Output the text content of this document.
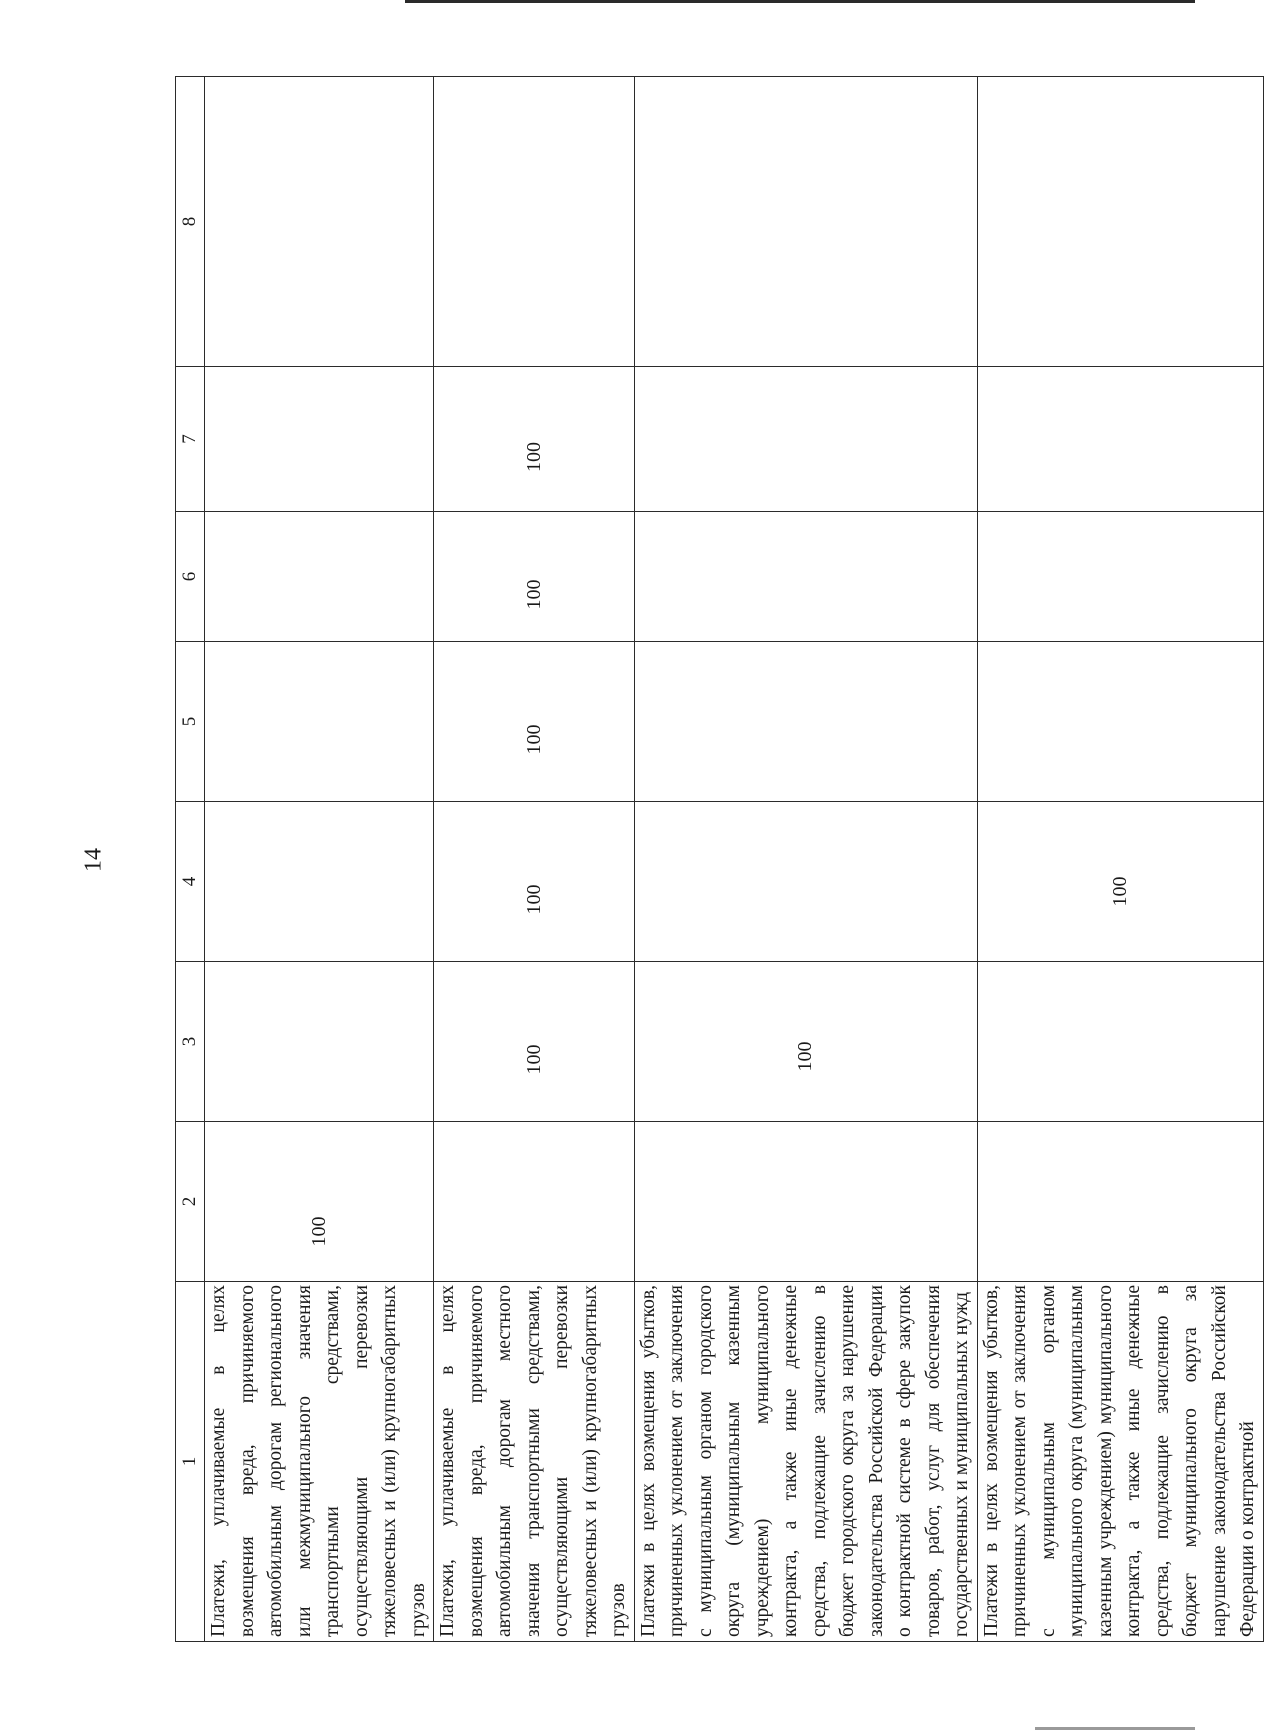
14
1	2	3	4	5	6	7	8
Платежи, уплачиваемые в целях возмещения вреда, причиняемого автомобильным дорогам регионального или межмуниципального значения транспортными средствами, осуществляющими перевозки тяжеловесных и (или) крупногабаритных грузов	100						
Платежи, уплачиваемые в целях возмещения вреда, причиняемого автомобильным дорогам местного значения транспортными средствами, осуществляющими перевозки тяжеловесных и (или) крупногабаритных грузов		100	100	100	100	100	
Платежи в целях возмещения убытков, причиненных уклонением от заключения с муниципальным органом городского округа (муниципальным казенным учреждением) муниципального контракта, а также иные денежные средства, подлежащие зачислению в бюджет городского округа за нарушение законодательства Российской Федерации о контрактной системе в сфере закупок товаров, работ, услуг для обеспечения государственных и муниципальных нужд		100					
Платежи в целях возмещения убытков, причиненных уклонением от заключения с муниципальным органом муниципального округа (муниципальным казенным учреждением) муниципального контракта, а также иные денежные средства, подлежащие зачислению в бюджет муниципального округа за нарушение законодательства Российской Федерации о контрактной			100				
